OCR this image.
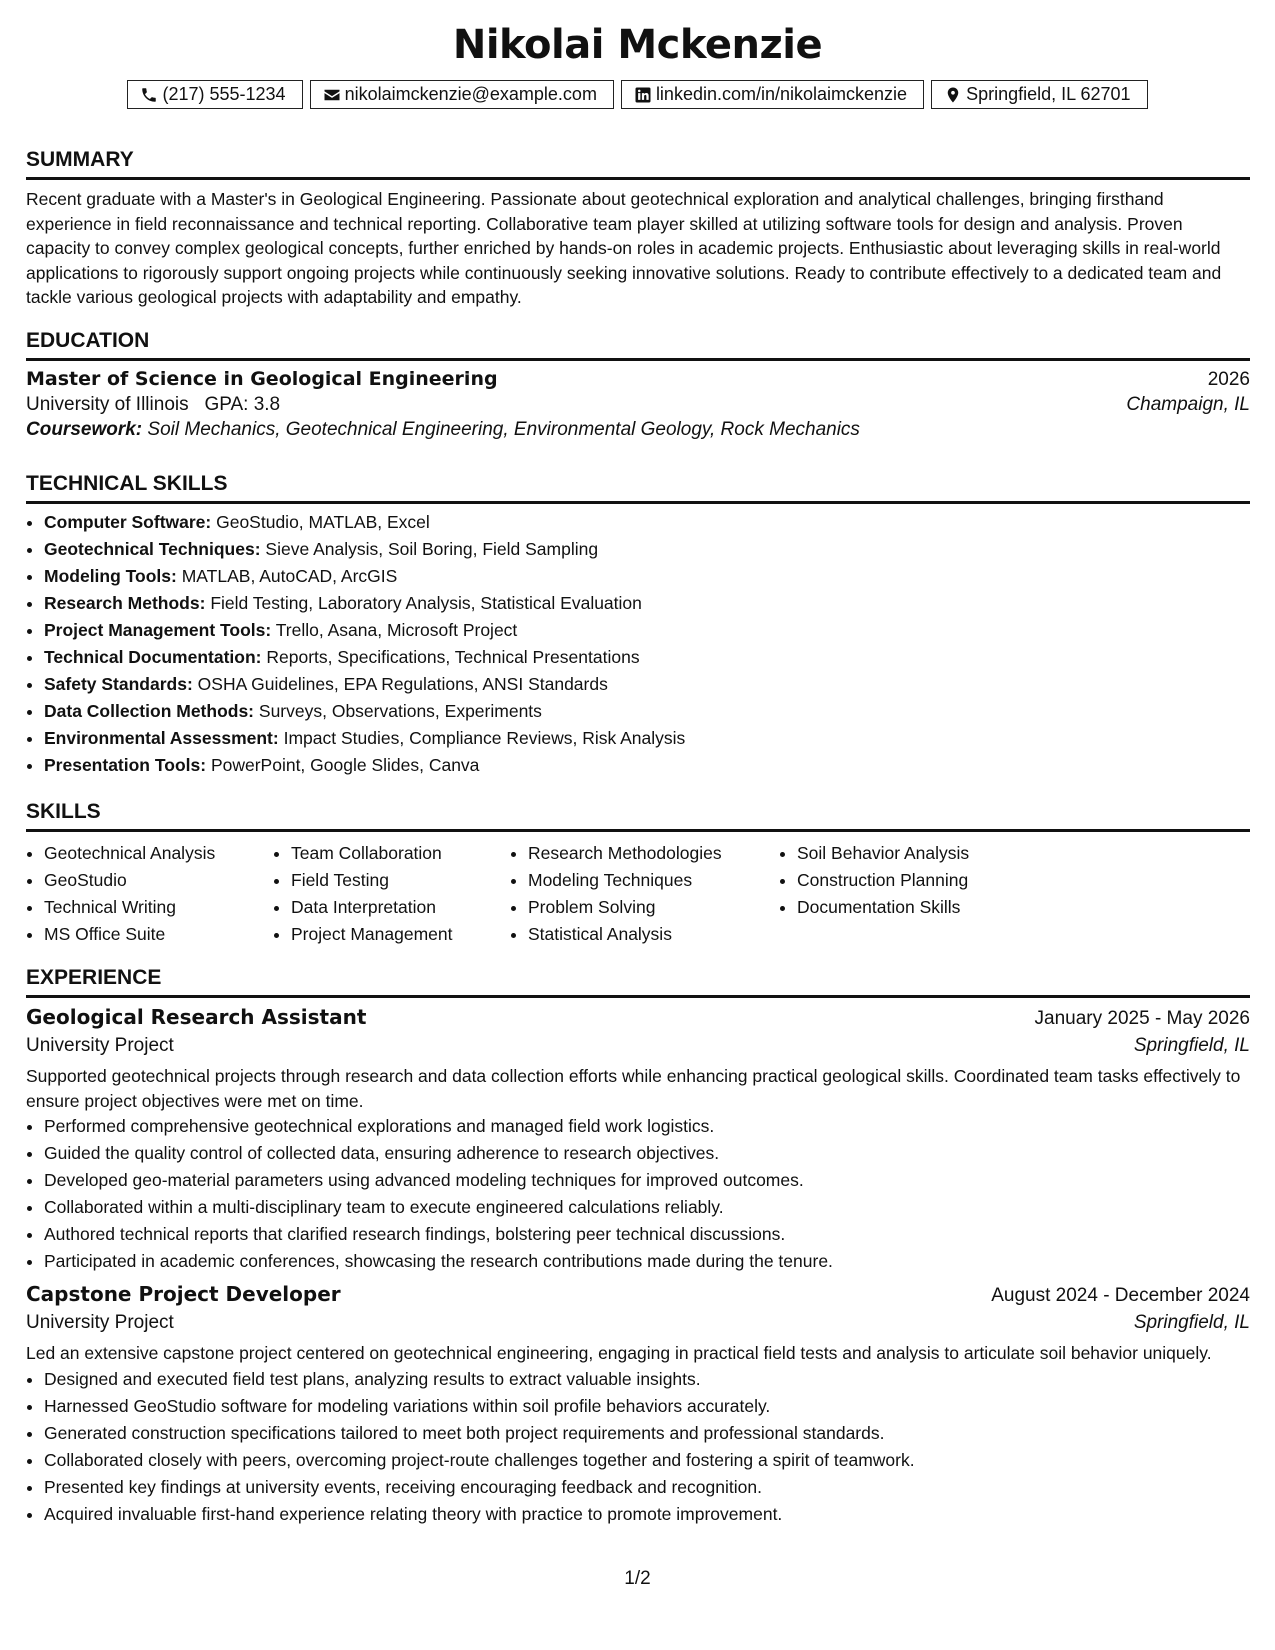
Nikolai Mckenzie
(217) 555-1234	nikolaimckenzie@example.com	linkedin.com/in/nikolaimckenzie	Springfield, IL 62701
SUMMARY
Recent graduate with a Master's in Geological Engineering. Passionate about geotechnical exploration and analytical challenges, bringing firsthand experience in field reconnaissance and technical reporting. Collaborative team player skilled at utilizing software tools for design and analysis. Proven capacity to convey complex geological concepts, further enriched by hands-on roles in academic projects. Enthusiastic about leveraging skills in real-world applications to rigorously support ongoing projects while continuously seeking innovative solutions. Ready to contribute effectively to a dedicated team and tackle various geological projects with adaptability and empathy.
EDUCATION
Master of Science in Geological Engineering	2026
University of Illinois   GPA: 3.8	Champaign, IL
Coursework: Soil Mechanics, Geotechnical Engineering, Environmental Geology, Rock Mechanics
TECHNICAL SKILLS
• Computer Software: GeoStudio, MATLAB, Excel
• Geotechnical Techniques: Sieve Analysis, Soil Boring, Field Sampling
• Modeling Tools: MATLAB, AutoCAD, ArcGIS
• Research Methods: Field Testing, Laboratory Analysis, Statistical Evaluation
• Project Management Tools: Trello, Asana, Microsoft Project
• Technical Documentation: Reports, Specifications, Technical Presentations
• Safety Standards: OSHA Guidelines, EPA Regulations, ANSI Standards
• Data Collection Methods: Surveys, Observations, Experiments
• Environmental Assessment: Impact Studies, Compliance Reviews, Risk Analysis
• Presentation Tools: PowerPoint, Google Slides, Canva
SKILLS
• Geotechnical Analysis
• GeoStudio
• Technical Writing
• MS Office Suite
• Team Collaboration
• Field Testing
• Data Interpretation
• Project Management
• Research Methodologies
• Modeling Techniques
• Problem Solving
• Statistical Analysis
• Soil Behavior Analysis
• Construction Planning
• Documentation Skills
EXPERIENCE
Geological Research Assistant	January 2025 - May 2026
University Project	Springfield, IL
Supported geotechnical projects through research and data collection efforts while enhancing practical geological skills. Coordinated team tasks effectively to ensure project objectives were met on time.
• Performed comprehensive geotechnical explorations and managed field work logistics.
• Guided the quality control of collected data, ensuring adherence to research objectives.
• Developed geo-material parameters using advanced modeling techniques for improved outcomes.
• Collaborated within a multi-disciplinary team to execute engineered calculations reliably.
• Authored technical reports that clarified research findings, bolstering peer technical discussions.
• Participated in academic conferences, showcasing the research contributions made during the tenure.
Capstone Project Developer	August 2024 - December 2024
University Project	Springfield, IL
Led an extensive capstone project centered on geotechnical engineering, engaging in practical field tests and analysis to articulate soil behavior uniquely.
• Designed and executed field test plans, analyzing results to extract valuable insights.
• Harnessed GeoStudio software for modeling variations within soil profile behaviors accurately.
• Generated construction specifications tailored to meet both project requirements and professional standards.
• Collaborated closely with peers, overcoming project-route challenges together and fostering a spirit of teamwork.
• Presented key findings at university events, receiving encouraging feedback and recognition.
• Acquired invaluable first-hand experience relating theory with practice to promote improvement.
1/2
